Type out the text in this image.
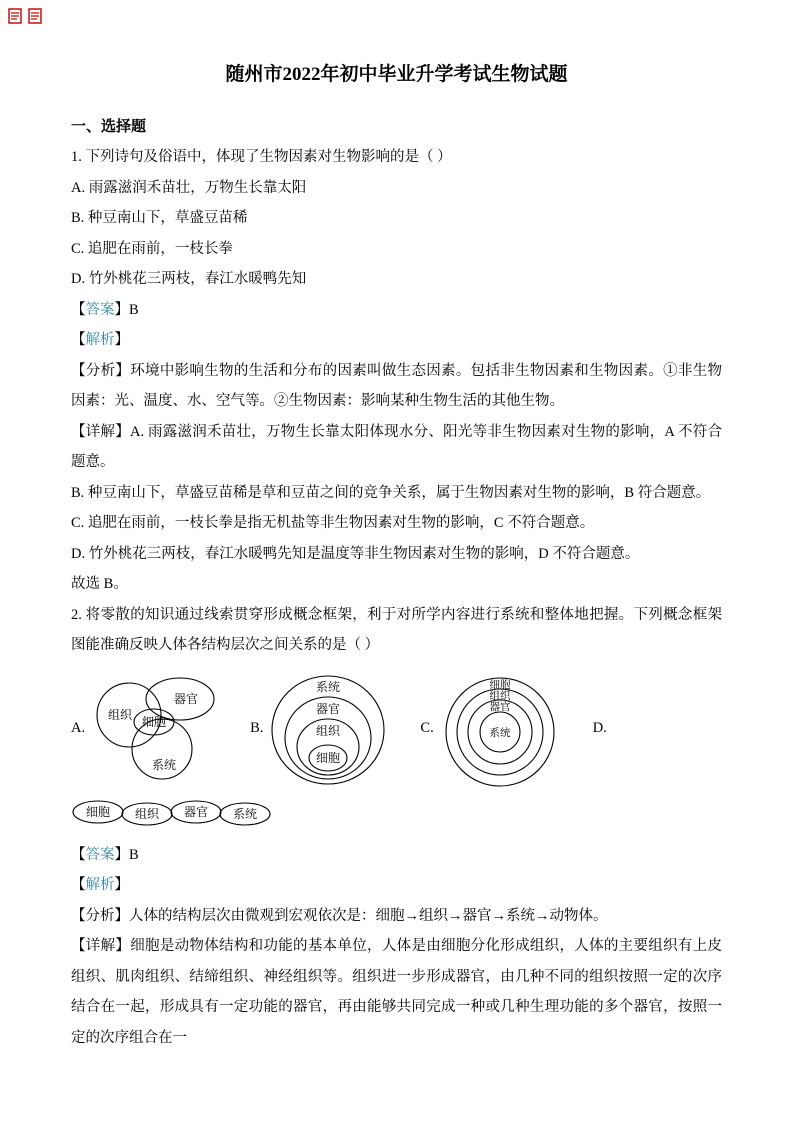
随州市2022年初中毕业升学考试生物试题
一、选择题

1. 下列诗句及俗语中，体现了生物因素对生物影响的是（ ）

A. 雨露滋润禾苗壮，万物生长靠太阳

B. 种豆南山下，草盛豆苗稀

C. 追肥在雨前，一枝长拳

D. 竹外桃花三两枝，春江水暖鸭先知

【答案】B

【解析】

【分析】环境中影响生物的生活和分布的因素叫做生态因素。包括非生物因素和生物因素。①非生物因素：光、温度、水、空气等。②生物因素：影响某种生物生活的其他生物。

【详解】A. 雨露滋润禾苗壮，万物生长靠太阳体现水分、阳光等非生物因素对生物的影响，A 不符合题意。

B. 种豆南山下，草盛豆苗稀是草和豆苗之间的竞争关系，属于生物因素对生物的影响，B 符合题意。

C. 追肥在雨前，一枝长拳是指无机盐等非生物因素对生物的影响，C 不符合题意。

D. 竹外桃花三两枝，春江水暖鸭先知是温度等非生物因素对生物的影响，D 不符合题意。

故选 B。

2. 将零散的知识通过线索贯穿形成概念框架，利于对所学内容进行系统和整体地把握。下列概念框架图能准确反映人体各结构层次之间关系的是（ ）

A.
组织
器官
细胞
系统
B.
系统
器官
组织
细胞
C.
细胞
组织
器官
系统	D.
细胞 组织 器官 系统

【答案】B

【解析】

【分析】人体的结构层次由微观到宏观依次是：细胞→组织→器官→系统→动物体。

【详解】细胞是动物体结构和功能的基本单位，人体是由细胞分化形成组织，人体的主要组织有上皮组织、肌肉组织、结缔组织、神经组织等。组织进一步形成器官，由几种不同的组织按照一定的次序结合在一起，形成具有一定功能的器官，再由能够共同完成一种或几种生理功能的多个器官，按照一定的次序组合在一
